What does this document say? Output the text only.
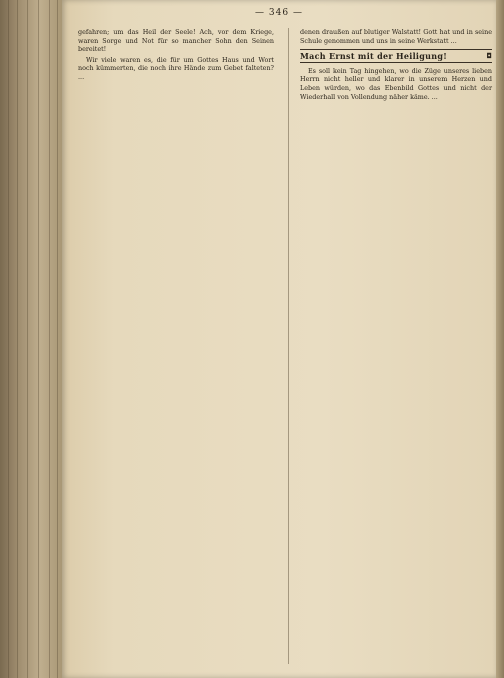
— 346 —

gefahren; um das Heil der Seele! Ach, vor dem Kriege, waren Sorge und Not für so mancher Sohn den Seinen bereitet!

Wir viele waren es, die für um Gottes Haus und Wort noch kümmerten, die noch ihre Hände zum Gebet falteten? ...

denen draußen auf blutiger Walstatt! Gott hat und in seine Schule genommen und uns in seine Werkstatt ...

Mach Ernst mit der Heiligung!	◘

Es soll kein Tag hingehen, wo die Züge unseres lieben Herrn nicht heller und klarer in unserem Herzen und Leben würden, wo das Ebenbild Gottes und nicht der Wiederhall von Vollendung näher käme. ...
